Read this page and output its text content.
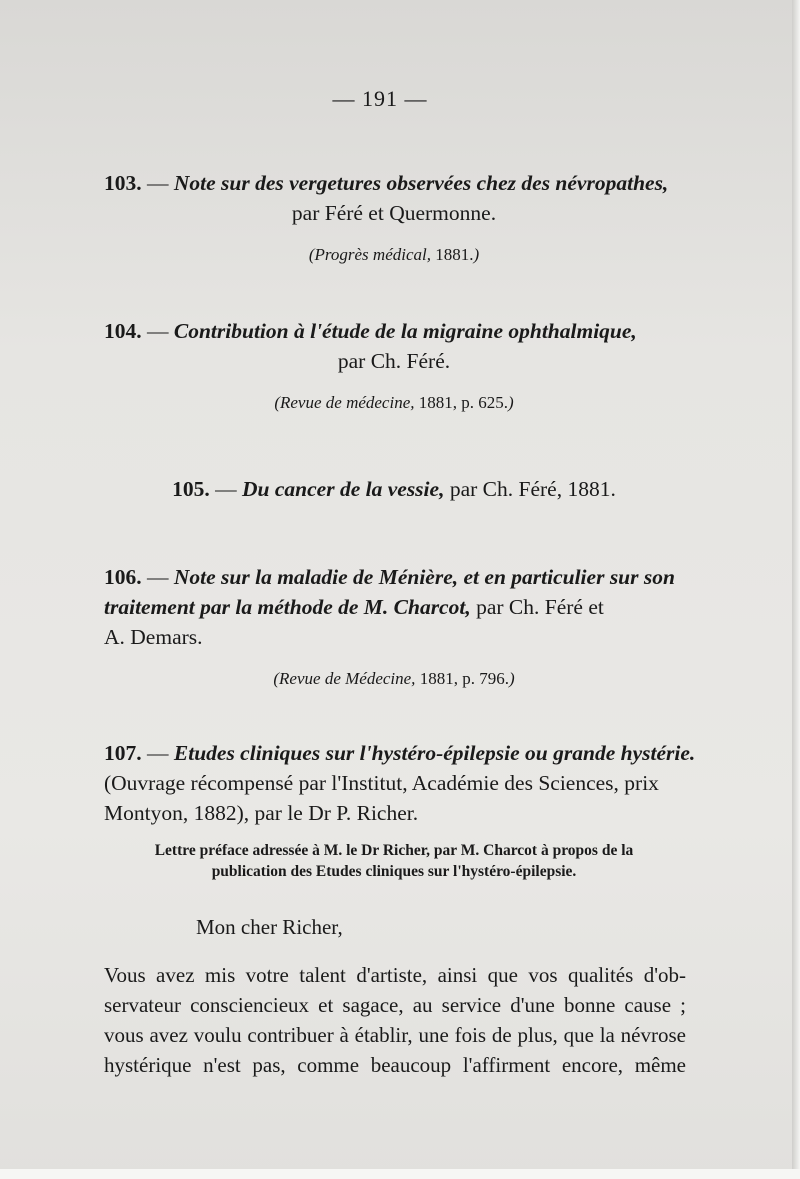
— 191 —
103. — Note sur des vergetures observées chez des névropathes,
par Féré et Quermonne.
(Progrès médical, 1881.)
104. — Contribution à l'étude de la migraine ophthalmique,
par Ch. Féré.
(Revue de médecine, 1881, p. 625.)
105. — Du cancer de la vessie, par Ch. Féré, 1881.
106. — Note sur la maladie de Ménière, et en particulier sur son
traitement par la méthode de M. Charcot, par Ch. Féré et
A. Demars.
(Revue de Médecine, 1881, p. 796.)
107. — Etudes cliniques sur l'hystéro-épilepsie ou grande hystérie.
(Ouvrage récompensé par l'Institut, Académie des Sciences, prix
Montyon, 1882), par le Dr P. Richer.
Lettre préface adressée à M. le Dr Richer, par M. Charcot à propos de la
publication des Etudes cliniques sur l'hystéro-épilepsie.
Mon cher Richer,
Vous avez mis votre talent d'artiste, ainsi que vos qualités d'ob-
servateur consciencieux et sagace, au service d'une bonne cause ;
vous avez voulu contribuer à établir, une fois de plus, que la névrose
hystérique n'est pas, comme beaucoup l'affirment encore, même
